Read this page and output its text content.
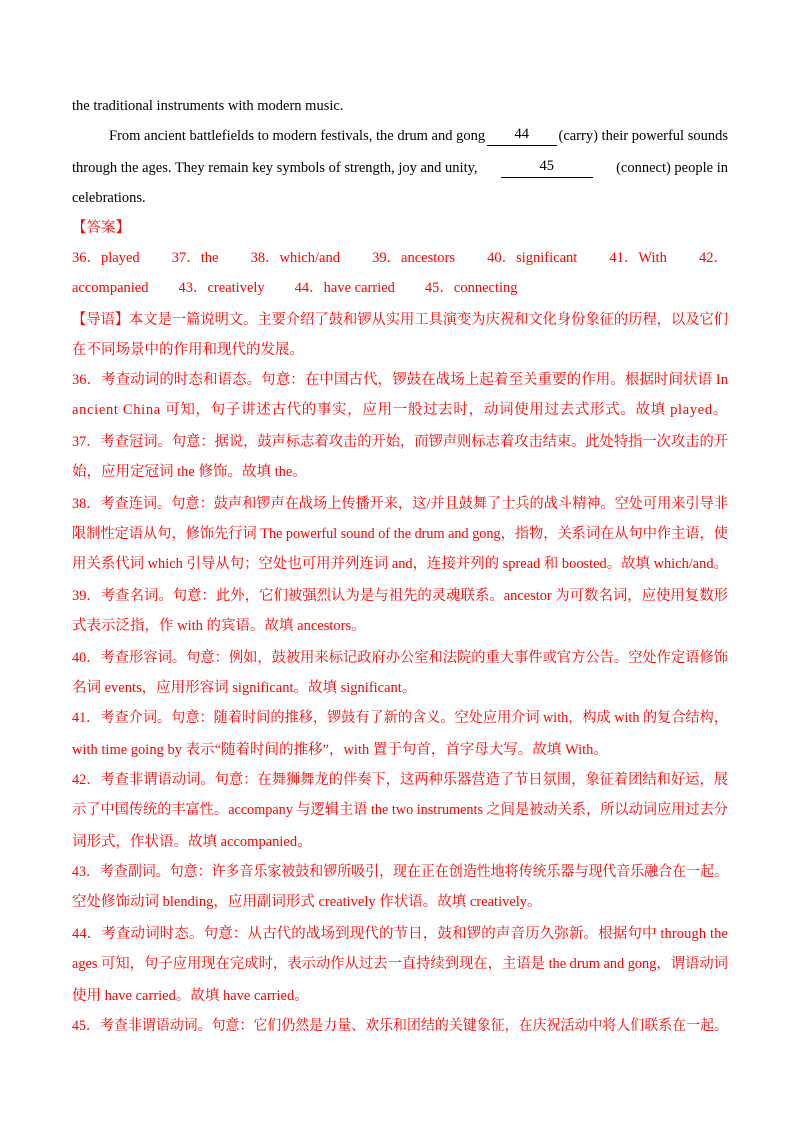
the traditional instruments with modern music.
From ancient battlefields to modern festivals, the drum and gong	44	(carry) their powerful sounds
through the ages. They remain key symbols of strength, joy and unity,	45	(connect) people in
celebrations.
【答案】
36．played 37．the 38．which/and 39．ancestors 40．significant 41．With 42．
accompanied 43．creatively 44．have carried 45．connecting
【导语】本文是一篇说明文。主要介绍了鼓和锣从实用工具演变为庆祝和文化身份象征的历程，以及它们
在不同场景中的作用和现代的发展。
36．考查动词的时态和语态。句意：在中国古代，锣鼓在战场上起着至关重要的作用。根据时间状语 In
ancient China 可知，句子讲述古代的事实，应用一般过去时，动词使用过去式形式。故填 played。
37．考查冠词。句意：据说，鼓声标志着攻击的开始，而锣声则标志着攻击结束。此处特指一次攻击的开
始，应用定冠词 the 修饰。故填 the。
38．考查连词。句意：鼓声和锣声在战场上传播开来，这/并且鼓舞了士兵的战斗精神。空处可用来引导非
限制性定语从句，修饰先行词 The powerful sound of the drum and gong，指物，关系词在从句中作主语，使
用关系代词 which 引导从句；空处也可用并列连词 and，连接并列的 spread 和 boosted。故填 which/and。
39．考查名词。句意：此外，它们被强烈认为是与祖先的灵魂联系。ancestor 为可数名词，应使用复数形
式表示泛指，作 with 的宾语。故填 ancestors。
40．考查形容词。句意：例如，鼓被用来标记政府办公室和法院的重大事件或官方公告。空处作定语修饰
名词 events，应用形容词 significant。故填 significant。
41．考查介词。句意：随着时间的推移，锣鼓有了新的含义。空处应用介词 with，构成 with 的复合结构，
with time going by 表示“随着时间的推移”，with 置于句首，首字母大写。故填 With。
42．考查非谓语动词。句意：在舞狮舞龙的伴奏下，这两种乐器营造了节日氛围，象征着团结和好运，展
示了中国传统的丰富性。accompany 与逻辑主语 the two instruments 之间是被动关系，所以动词应用过去分
词形式，作状语。故填 accompanied。
43．考查副词。句意：许多音乐家被鼓和锣所吸引，现在正在创造性地将传统乐器与现代音乐融合在一起。
空处修饰动词 blending，应用副词形式 creatively 作状语。故填 creatively。
44．考查动词时态。句意：从古代的战场到现代的节日，鼓和锣的声音历久弥新。根据句中 through the
ages 可知，句子应用现在完成时，表示动作从过去一直持续到现在，主语是 the drum and gong，谓语动词
使用 have carried。故填 have carried。
45．考查非谓语动词。句意：它们仍然是力量、欢乐和团结的关键象征，在庆祝活动中将人们联系在一起。
